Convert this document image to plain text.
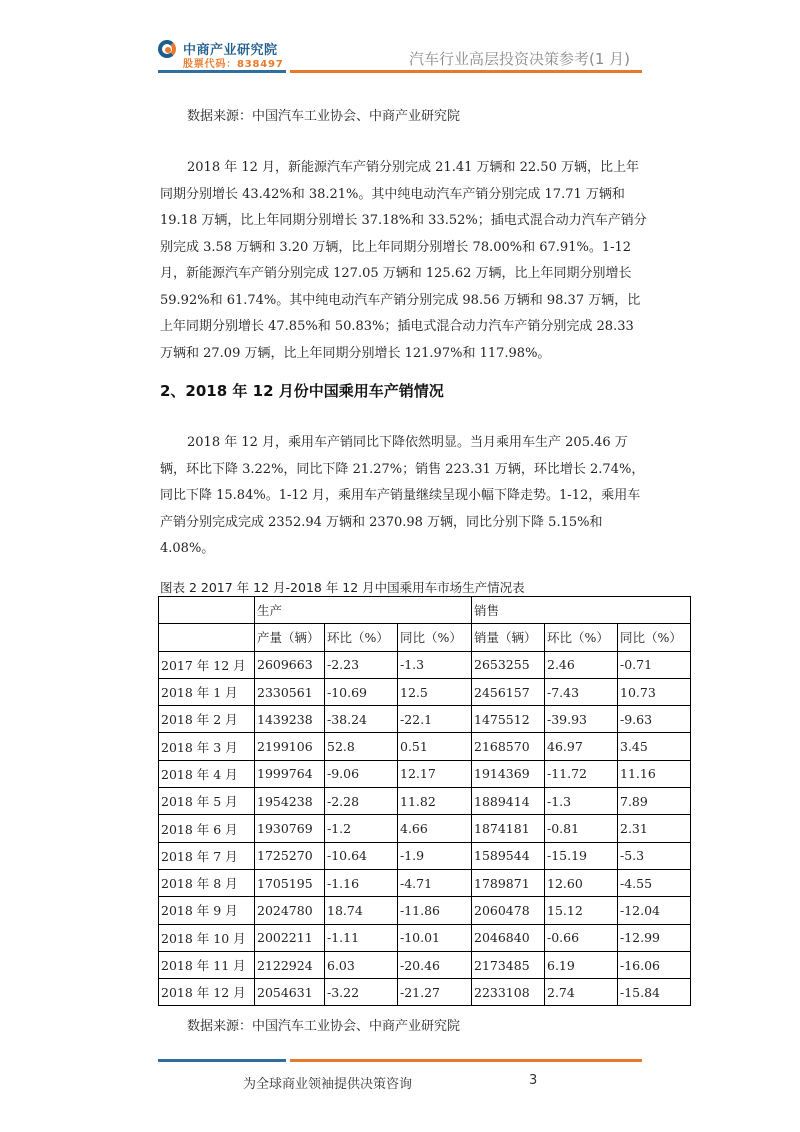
中商产业研究院
股票代码：838497	汽车行业高层投资决策参考(1 月)
数据来源：中国汽车工业协会、中商产业研究院
2018 年 12 月，新能源汽车产销分别完成 21.41 万辆和 22.50 万辆，比上年同期分别增长 43.42%和 38.21%。其中纯电动汽车产销分别完成 17.71 万辆和 19.18 万辆，比上年同期分别增长 37.18%和 33.52%；插电式混合动力汽车产销分别完成 3.58 万辆和 3.20 万辆，比上年同期分别增长 78.00%和 67.91%。1-12 月，新能源汽车产销分别完成 127.05 万辆和 125.62 万辆，比上年同期分别增长 59.92%和 61.74%。其中纯电动汽车产销分别完成 98.56 万辆和 98.37 万辆，比上年同期分别增长 47.85%和 50.83%；插电式混合动力汽车产销分别完成 28.33 万辆和 27.09 万辆，比上年同期分别增长 121.97%和 117.98%。
2、2018 年 12 月份中国乘用车产销情况
2018 年 12 月，乘用车产销同比下降依然明显。当月乘用车生产 205.46 万辆，环比下降 3.22%，同比下降 21.27%；销售 223.31 万辆，环比增长 2.74%，同比下降 15.84%。1-12 月，乘用车产销量继续呈现小幅下降走势。1-12，乘用车产销分别完成完成 2352.94 万辆和 2370.98 万辆，同比分别下降 5.15%和 4.08%。
图表 2 2017 年 12 月-2018 年 12 月中国乘用车市场生产情况表
	生产			销售		
	产量（辆）	环比（%）	同比（%）	销量（辆）	环比（%）	同比（%）
2017 年 12 月	2609663	-2.23	-1.3	2653255	2.46	-0.71
2018 年 1 月	2330561	-10.69	12.5	2456157	-7.43	10.73
2018 年 2 月	1439238	-38.24	-22.1	1475512	-39.93	-9.63
2018 年 3 月	2199106	52.8	0.51	2168570	46.97	3.45
2018 年 4 月	1999764	-9.06	12.17	1914369	-11.72	11.16
2018 年 5 月	1954238	-2.28	11.82	1889414	-1.3	7.89
2018 年 6 月	1930769	-1.2	4.66	1874181	-0.81	2.31
2018 年 7 月	1725270	-10.64	-1.9	1589544	-15.19	-5.3
2018 年 8 月	1705195	-1.16	-4.71	1789871	12.60	-4.55
2018 年 9 月	2024780	18.74	-11.86	2060478	15.12	-12.04
2018 年 10 月	2002211	-1.11	-10.01	2046840	-0.66	-12.99
2018 年 11 月	2122924	6.03	-20.46	2173485	6.19	-16.06
2018 年 12 月	2054631	-3.22	-21.27	2233108	2.74	-15.84
数据来源：中国汽车工业协会、中商产业研究院
为全球商业领袖提供决策咨询	3
